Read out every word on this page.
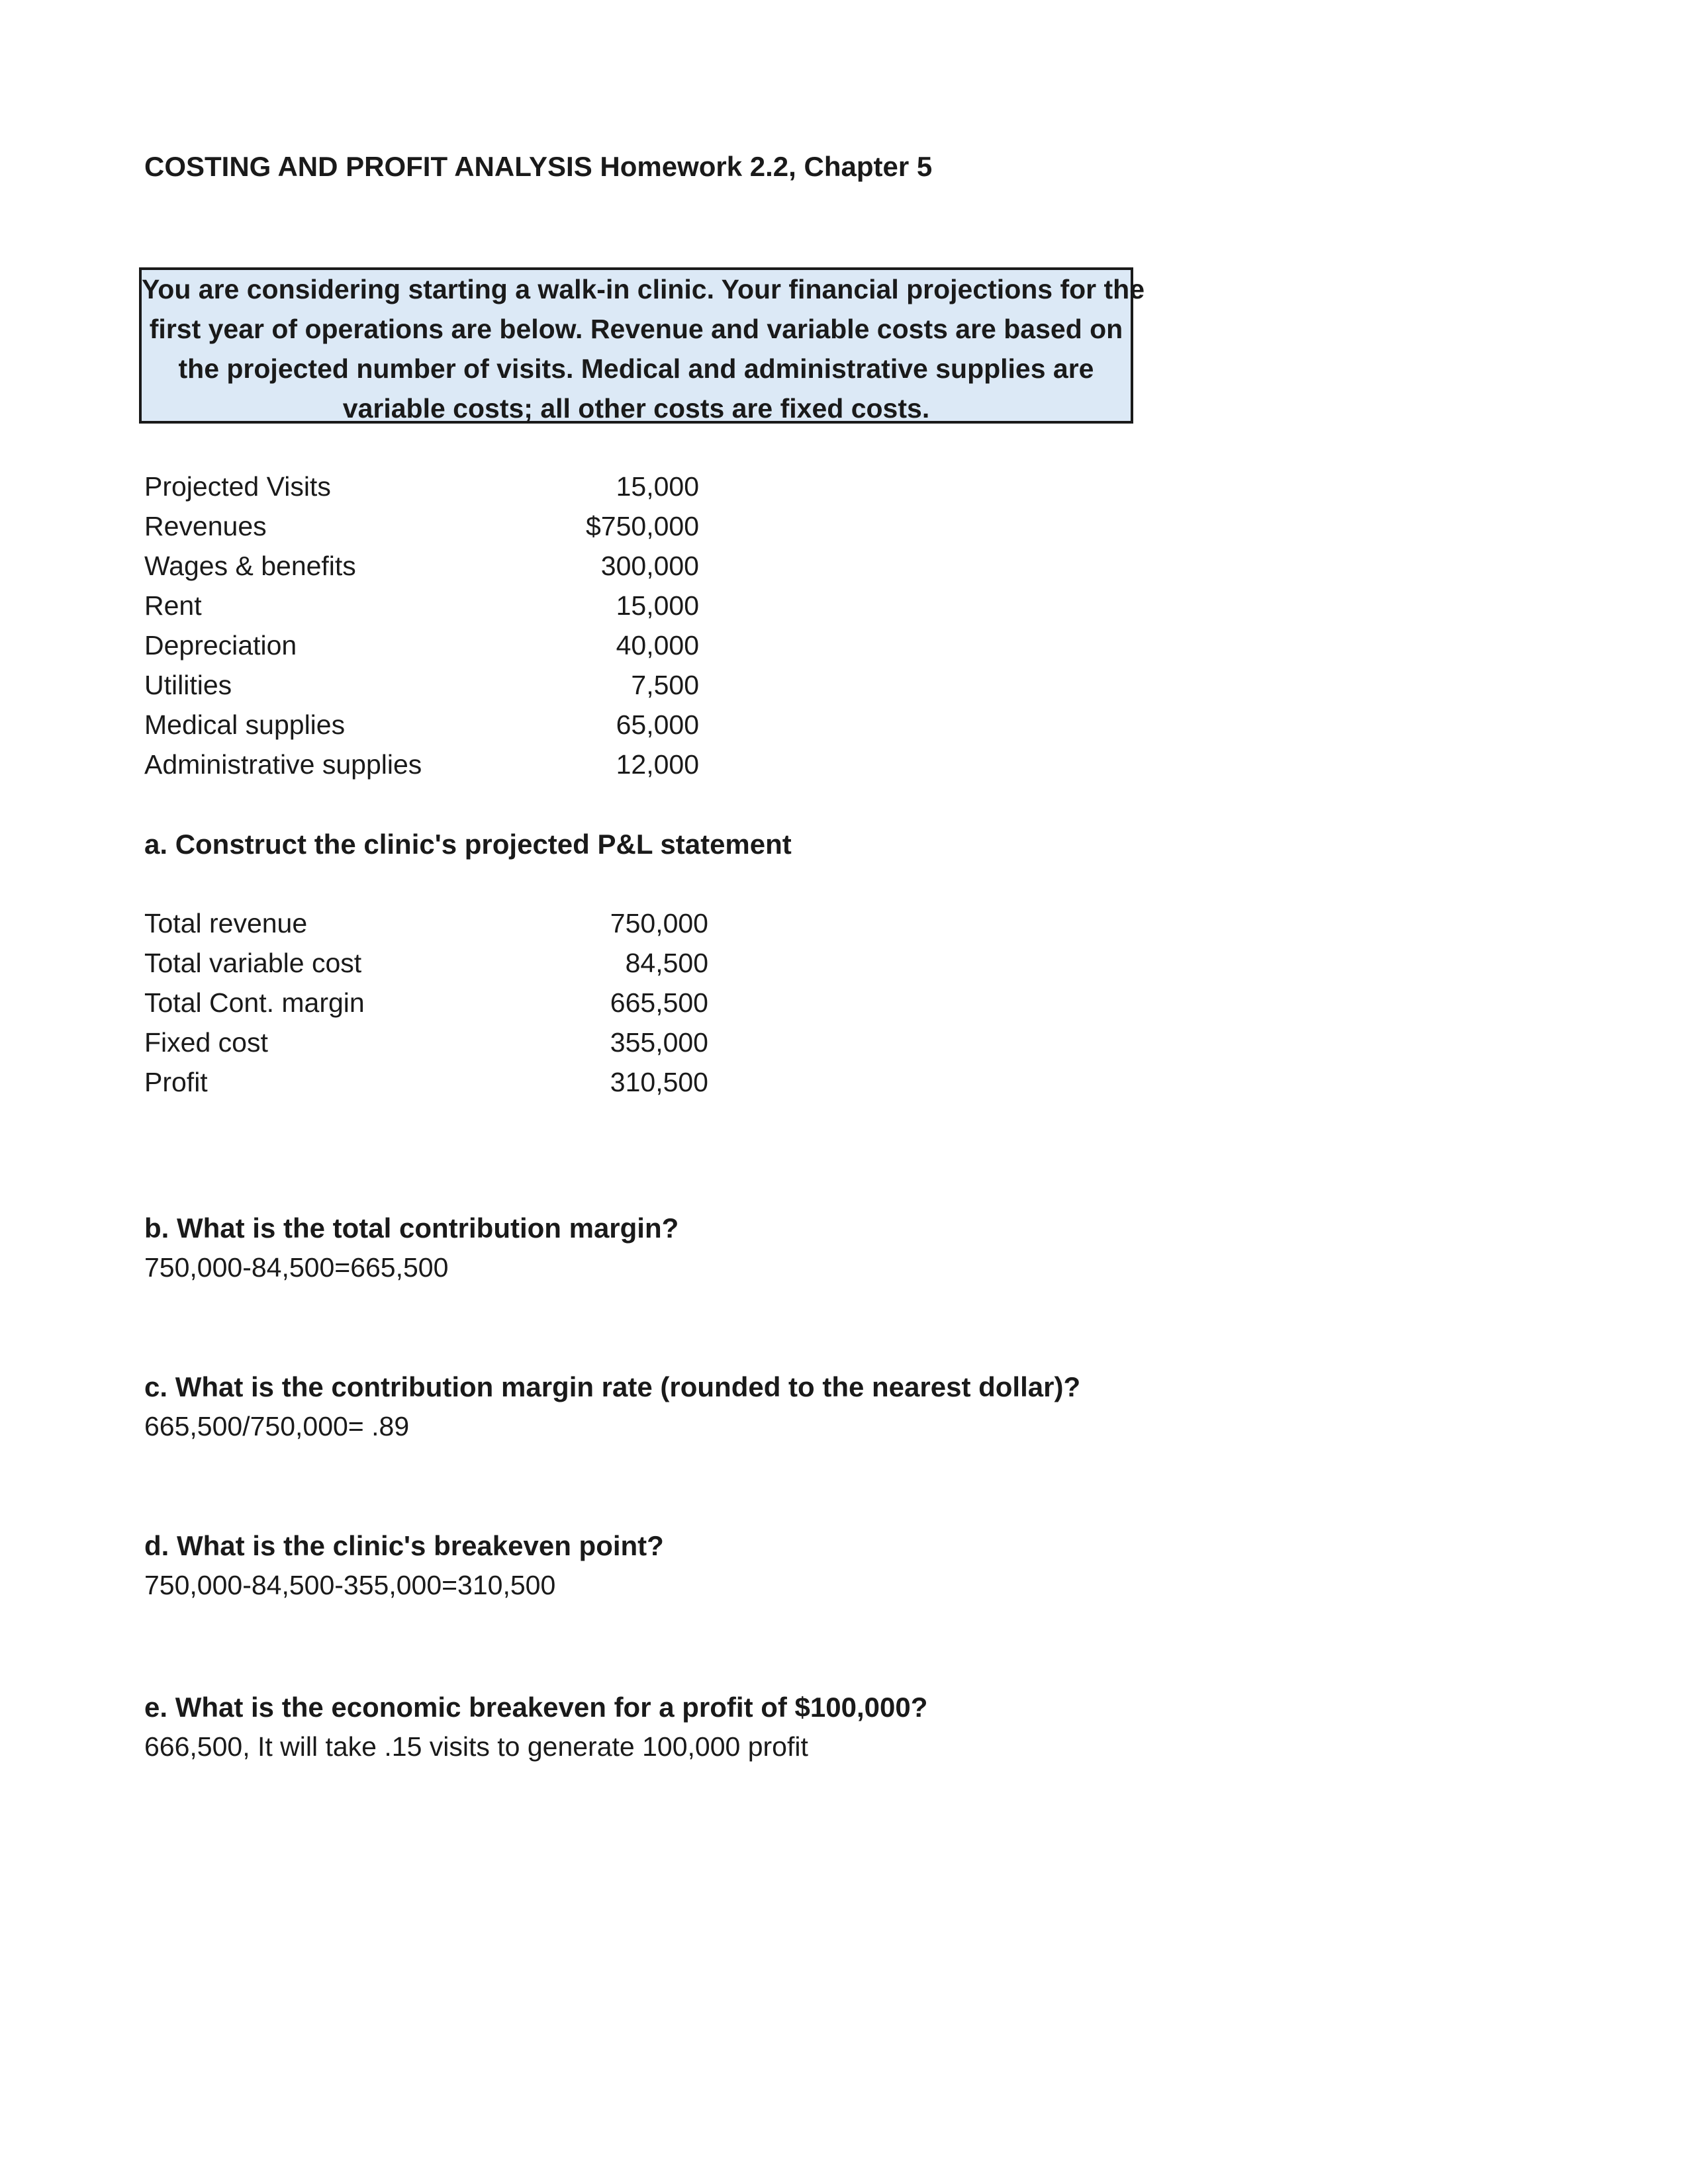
COSTING AND PROFIT ANALYSIS Homework 2.2, Chapter 5
You are considering starting a walk-in clinic. Your financial projections for the
first year of operations are below. Revenue and variable costs are based on
the projected number of visits. Medical and administrative supplies are
variable costs; all other costs are fixed costs.
Projected Visits	15,000
Revenues	$750,000
Wages & benefits	300,000
Rent	15,000
Depreciation	40,000
Utilities	7,500
Medical supplies	65,000
Administrative supplies	12,000
a. Construct the clinic's projected P&L statement
Total revenue	750,000
Total variable cost	84,500
Total Cont. margin	665,500
Fixed cost	355,000
Profit	310,500
b. What is the total contribution margin?
750,000-84,500=665,500
c. What is the contribution margin rate (rounded to the nearest dollar)?
665,500/750,000= .89
d. What is the clinic's breakeven point?
750,000-84,500-355,000=310,500
e. What is the economic breakeven for a profit of $100,000?
666,500, It will take .15 visits to generate 100,000 profit
